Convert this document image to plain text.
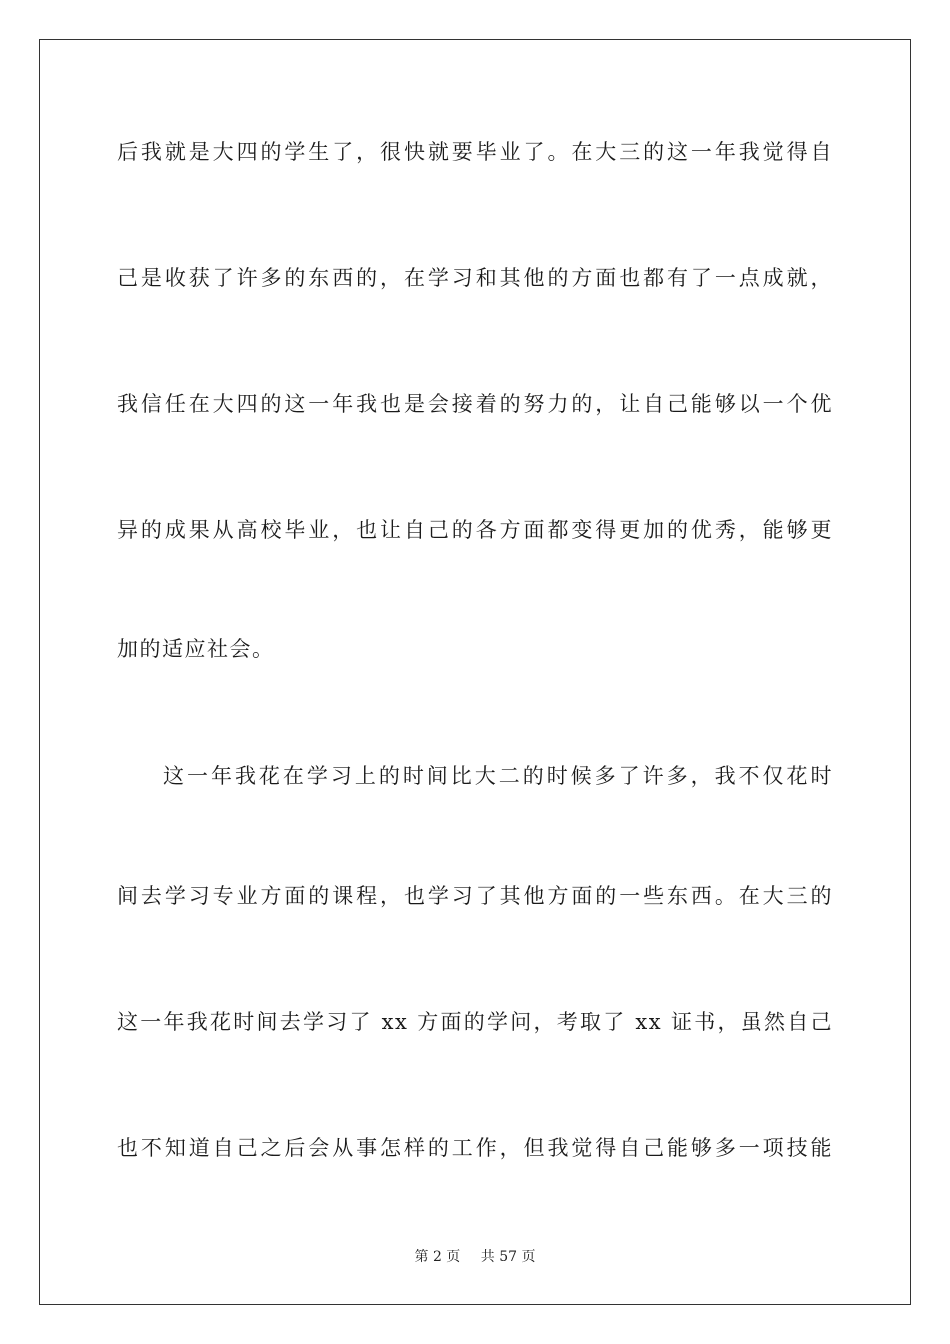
后我就是大四的学生了，很快就要毕业了。在大三的这一年我觉得自
己是收获了许多的东西的，在学习和其他的方面也都有了一点成就，
我信任在大四的这一年我也是会接着的努力的，让自己能够以一个优
异的成果从高校毕业，也让自己的各方面都变得更加的优秀，能够更
加的适应社会。
这一年我花在学习上的时间比大二的时候多了许多，我不仅花时
间去学习专业方面的课程，也学习了其他方面的一些东西。在大三的
这一年我花时间去学习了 xx 方面的学问，考取了 xx 证书，虽然自己
也不知道自己之后会从事怎样的工作，但我觉得自己能够多一项技能
第 2 页 共 57 页
